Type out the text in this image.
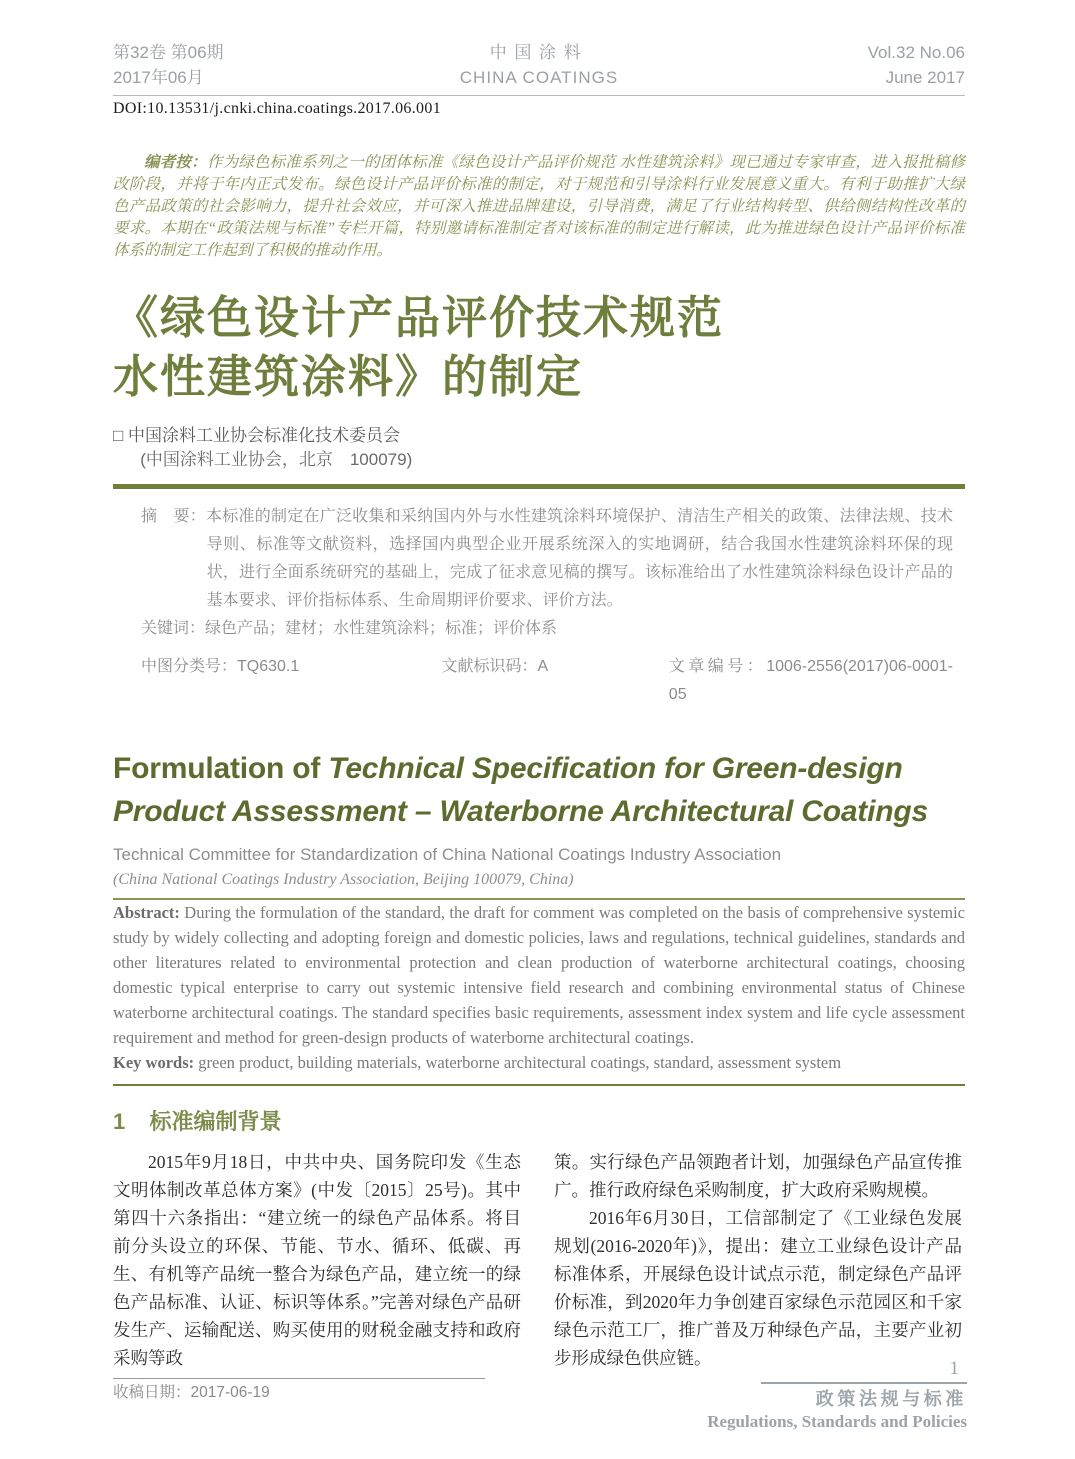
第32卷 第06期
2017年06月
中国涂料
CHINA COATINGS
Vol.32 No.06
June 2017
DOI:10.13531/j.cnki.china.coatings.2017.06.001

编者按：作为绿色标准系列之一的团体标准《绿色设计产品评价规范 水性建筑涂料》现已通过专家审查，进入报批稿修改阶段，并将于年内正式发布。绿色设计产品评价标准的制定，对于规范和引导涂料行业发展意义重大。有利于助推扩大绿色产品政策的社会影响力，提升社会效应，并可深入推进品牌建设，引导消费，满足了行业结构转型、供给侧结构性改革的要求。本期在“政策法规与标准”专栏开篇，特别邀请标准制定者对该标准的制定进行解读，此为推进绿色设计产品评价标准体系的制定工作起到了积极的推动作用。

《绿色设计产品评价技术规范
水性建筑涂料》的制定
□ 中国涂料工业协会标准化技术委员会
(中国涂料工业协会，北京　100079)

摘　要：本标准的制定在广泛收集和采纳国内外与水性建筑涂料环境保护、清洁生产相关的政策、法律法规、技术导则、标准等文献资料，选择国内典型企业开展系统深入的实地调研，结合我国水性建筑涂料环保的现状，进行全面系统研究的基础上，完成了征求意见稿的撰写。该标准给出了水性建筑涂料绿色设计产品的基本要求、评价指标体系、生命周期评价要求、评价方法。

关键词：绿色产品；建材；水性建筑涂料；标准；评价体系

中图分类号：TQ630.1	文献标识码：A	文章编号：1006-2556(2017)06-0001-05
Formulation of Technical Specification for Green-design
Product Assessment – Waterborne Architectural Coatings
Technical Committee for Standardization of China National Coatings Industry Association
(China National Coatings Industry Association, Beijing 100079, China)

Abstract: During the formulation of the standard, the draft for comment was completed on the basis of comprehensive systemic study by widely collecting and adopting foreign and domestic policies, laws and regulations, technical guidelines, standards and other literatures related to environmental protection and clean production of waterborne architectural coatings, choosing domestic typical enterprise to carry out systemic intensive field research and combining environmental status of Chinese waterborne architectural coatings. The standard specifies basic requirements, assessment index system and life cycle assessment requirement and method for green-design products of waterborne architectural coatings.

Key words: green product, building materials, waterborne architectural coatings, standard, assessment system

1 标准编制背景

2015年9月18日，中共中央、国务院印发《生态文明体制改革总体方案》(中发〔2015〕25号)。其中第四十六条指出：“建立统一的绿色产品体系。将目前分头设立的环保、节能、节水、循环、低碳、再生、有机等产品统一整合为绿色产品，建立统一的绿色产品标准、认证、标识等体系。”完善对绿色产品研发生产、运输配送、购买使用的财税金融支持和政府采购等政

策。实行绿色产品领跑者计划，加强绿色产品宣传推广。推行政府绿色采购制度，扩大政府采购规模。

2016年6月30日，工信部制定了《工业绿色发展规划(2016-2020年)》，提出：建立工业绿色设计产品标准体系，开展绿色设计试点示范，制定绿色产品评价标准，到2020年力争创建百家绿色示范园区和千家绿色示范工厂，推广普及万种绿色产品，主要产业初步形成绿色供应链。

收稿日期：2017-06-19
1
政策法规与标准
Regulations, Standards and Policies
